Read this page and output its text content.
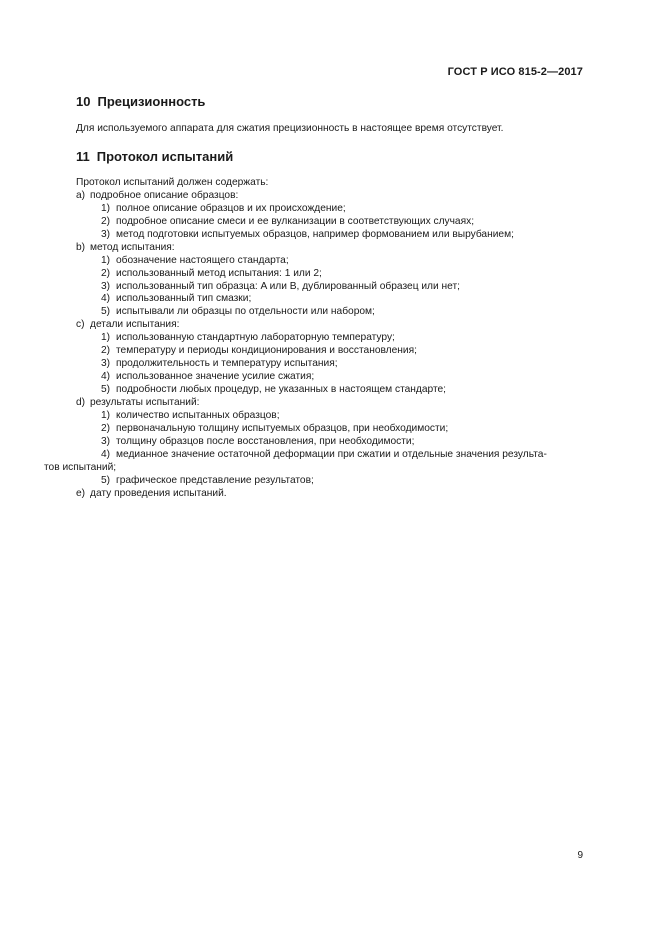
ГОСТ Р ИСО 815-2—2017
10 Прецизионность
Для используемого аппарата для сжатия прецизионность в настоящее время отсутствует.
11 Протокол испытаний
Протокол испытаний должен содержать:
a) подробное описание образцов:
1) полное описание образцов и их происхождение;
2) подробное описание смеси и ее вулканизации в соответствующих случаях;
3) метод подготовки испытуемых образцов, например формованием или вырубанием;
b) метод испытания:
1) обозначение настоящего стандарта;
2) использованный метод испытания: 1 или 2;
3) использованный тип образца: A или B, дублированный образец или нет;
4) использованный тип смазки;
5) испытывали ли образцы по отдельности или набором;
c) детали испытания:
1) использованную стандартную лабораторную температуру;
2) температуру и периоды кондиционирования и восстановления;
3) продолжительность и температуру испытания;
4) использованное значение усилие сжатия;
5) подробности любых процедур, не указанных в настоящем стандарте;
d) результаты испытаний:
1) количество испытанных образцов;
2) первоначальную толщину испытуемых образцов, при необходимости;
3) толщину образцов после восстановления, при необходимости;
4) медианное значение остаточной деформации при сжатии и отдельные значения результа-
тов испытаний;
5) графическое представление результатов;
e) дату проведения испытаний.
9
